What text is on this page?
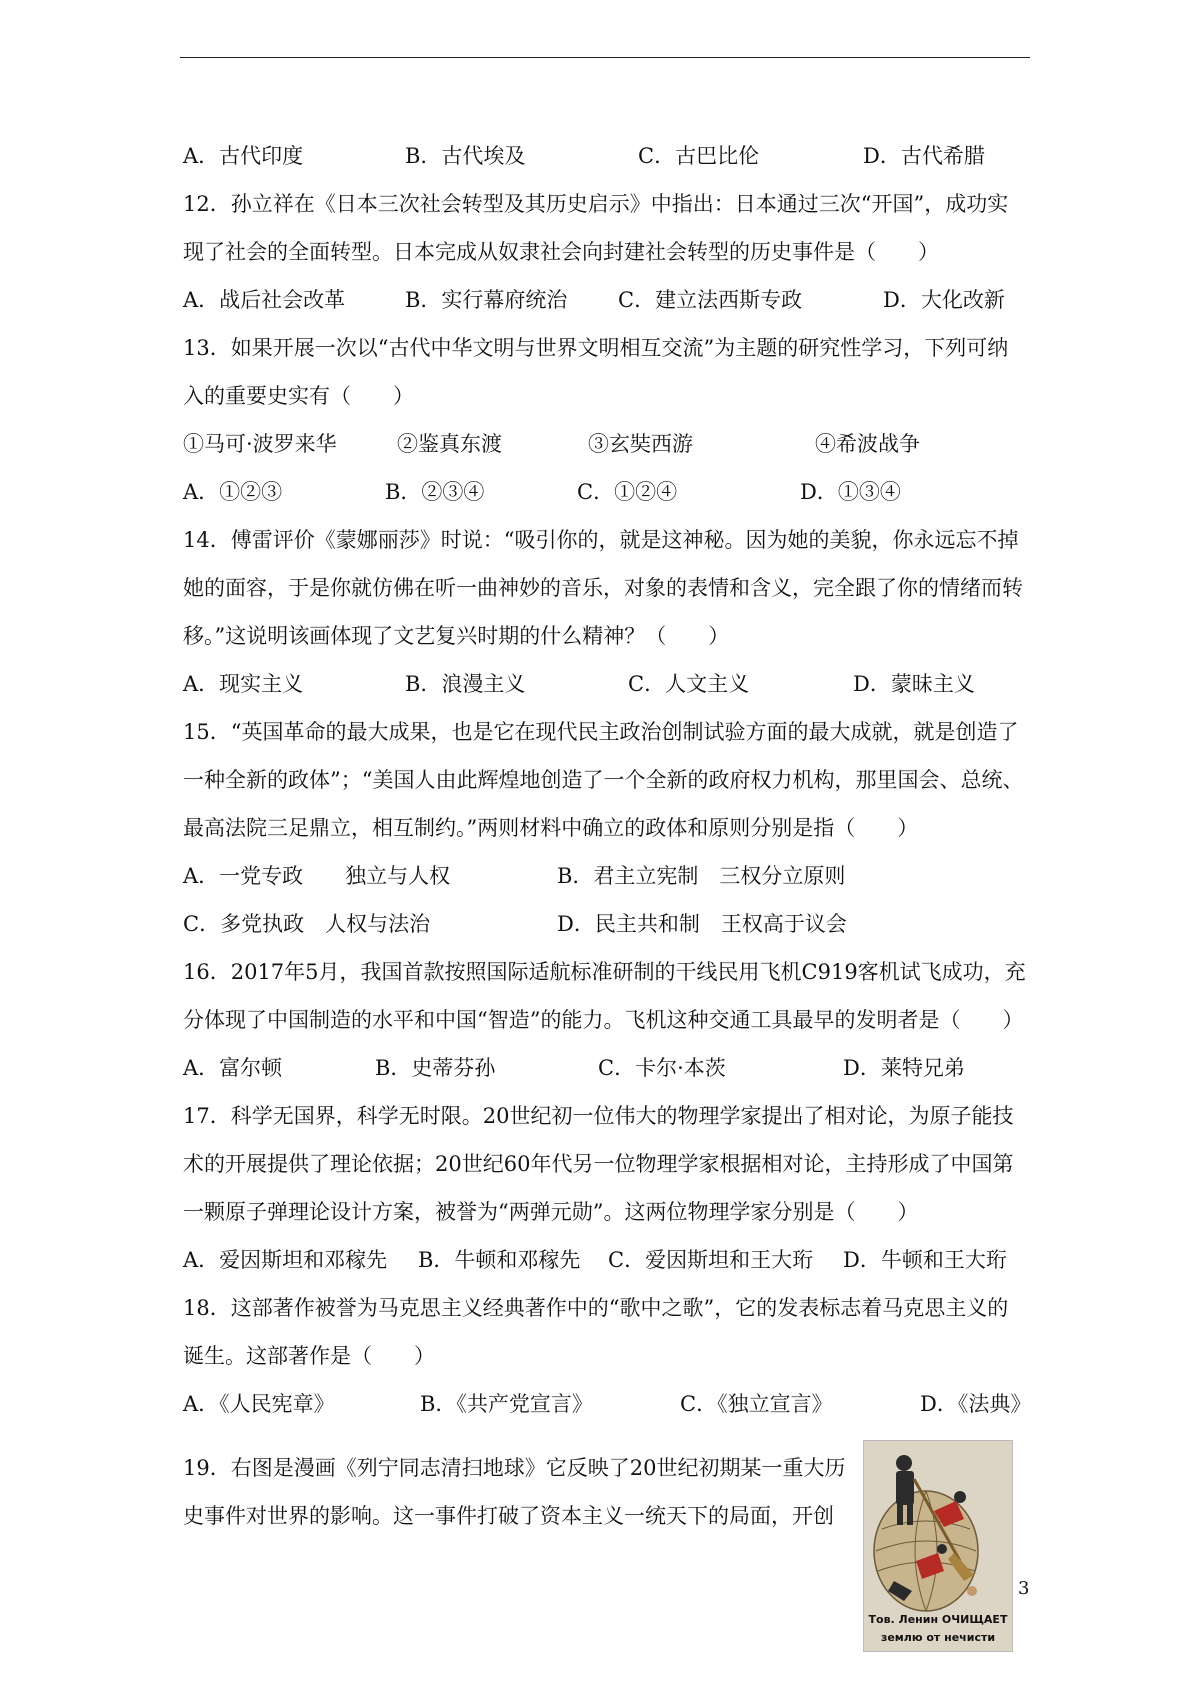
A．古代印度	B．古代埃及	C．古巴比伦	D．古代希腊
12．孙立祥在《日本三次社会转型及其历史启示》中指出：日本通过三次“开国”，成功实
现了社会的全面转型。日本完成从奴隶社会向封建社会转型的历史事件是（　　）
A．战后社会改革	B．实行幕府统治 C．建立法西斯专政	D．大化改新
13．如果开展一次以“古代中华文明与世界文明相互交流”为主题的研究性学习，下列可纳
入的重要史实有（　　）
①马可·波罗来华	②鉴真东渡	③玄奘西游	④希波战争
A．①②③	B．②③④	C．①②④	D．①③④
14．傅雷评价《蒙娜丽莎》时说：“吸引你的，就是这神秘。因为她的美貌，你永远忘不掉
她的面容，于是你就仿佛在听一曲神妙的音乐，对象的表情和含义，完全跟了你的情绪而转
移。”这说明该画体现了文艺复兴时期的什么精神？（　　）
A．现实主义	B．浪漫主义	C．人文主义	D．蒙昧主义
15．“英国革命的最大成果，也是它在现代民主政治创制试验方面的最大成就，就是创造了
一种全新的政体”；“美国人由此辉煌地创造了一个全新的政府权力机构，那里国会、总统、
最高法院三足鼎立，相互制约。”两则材料中确立的政体和原则分别是指（　　）
A．一党专政　　独立与人权	B．君主立宪制　三权分立原则
C．多党执政　人权与法治	D．民主共和制　王权高于议会
16．2017年5月，我国首款按照国际适航标准研制的干线民用飞机C919客机试飞成功，充
分体现了中国制造的水平和中国“智造”的能力。飞机这种交通工具最早的发明者是（　　）
A．富尔顿	B．史蒂芬孙	C．卡尔·本茨	D．莱特兄弟
17．科学无国界，科学无时限。20世纪初一位伟大的物理学家提出了相对论，为原子能技
术的开展提供了理论依据；20世纪60年代另一位物理学家根据相对论，主持形成了中国第
一颗原子弹理论设计方案，被誉为“两弹元勋”。这两位物理学家分别是（　　）
A．爱因斯坦和邓稼先 B．牛顿和邓稼先 C．爱因斯坦和王大珩 D．牛顿和王大珩
18．这部著作被誉为马克思主义经典著作中的“歌中之歌”，它的发表标志着马克思主义的
诞生。这部著作是（　　）
A．《人民宪章》	B．《共产党宣言》	C．《独立宣言》	D．《法典》
19．右图是漫画《列宁同志清扫地球》它反映了20世纪初期某一重大历
史事件对世界的影响。这一事件打破了资本主义一统天下的局面，开创
Тов. Ленин ОЧИЩАЕТ
землю от нечисти
3
